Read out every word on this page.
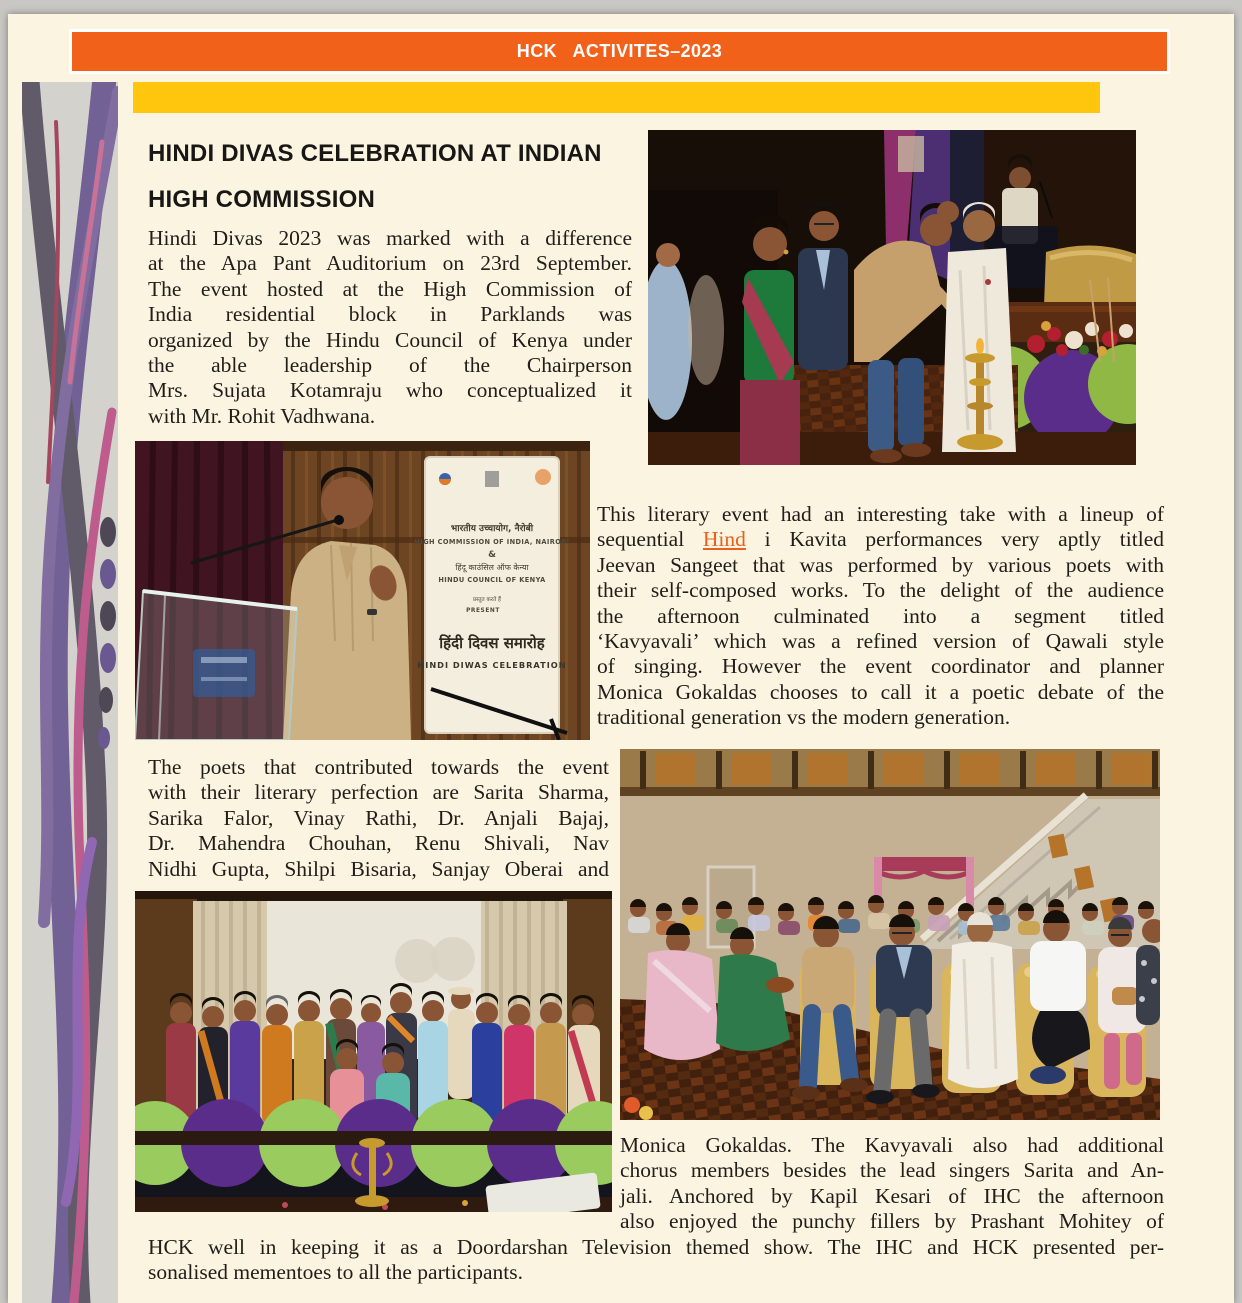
HCK   ACTIVITES–2023
HINDI DIVAS CELEBRATION AT INDIAN
HIGH COMMISSION
Hindi Divas 2023 was marked with a difference
at the Apa Pant Auditorium on 23rd September.
The event hosted at the High Commission of
India residential block in Parklands was
organized by the Hindu Council of Kenya under
the able leadership of the Chairperson
Mrs. Sujata Kotamraju who conceptualized it
with Mr. Rohit Vadhwana.
This literary event had an interesting take with a lineup of
sequential Hind i Kavita performances very aptly titled
Jeevan Sangeet that was performed by various poets with
their self-composed works. To the delight of the audience
the afternoon culminated into a segment titled
‘Kavyavali’ which was a refined version of Qawali style
of singing. However the event coordinator and planner
Monica Gokaldas chooses to call it a poetic debate of the
traditional generation vs the modern generation.
The poets that contributed towards the event
with their literary perfection are Sarita Sharma,
Sarika Falor, Vinay Rathi, Dr. Anjali Bajaj,
Dr. Mahendra Chouhan, Renu Shivali, Nav
Nidhi Gupta, Shilpi Bisaria, Sanjay Oberai and
Monica Gokaldas. The Kavyavali also had additional
chorus members besides the lead singers Sarita and An-
jali. Anchored by Kapil Kesari of IHC the afternoon
also enjoyed the punchy fillers by Prashant Mohitey of
HCK well in keeping it as a Doordarshan Television themed show. The IHC and HCK presented per-
sonalised mementoes to all the participants.
भारतीय उच्चायोग, नैरोबी
HIGH COMMISSION OF INDIA, NAIROBI
&
हिंदू काउंसिल ऑफ केन्या
HINDU COUNCIL OF KENYA
प्रस्तुत करते हैं
PRESENT
हिंदी दिवस समारोह
HINDI DIWAS CELEBRATION
